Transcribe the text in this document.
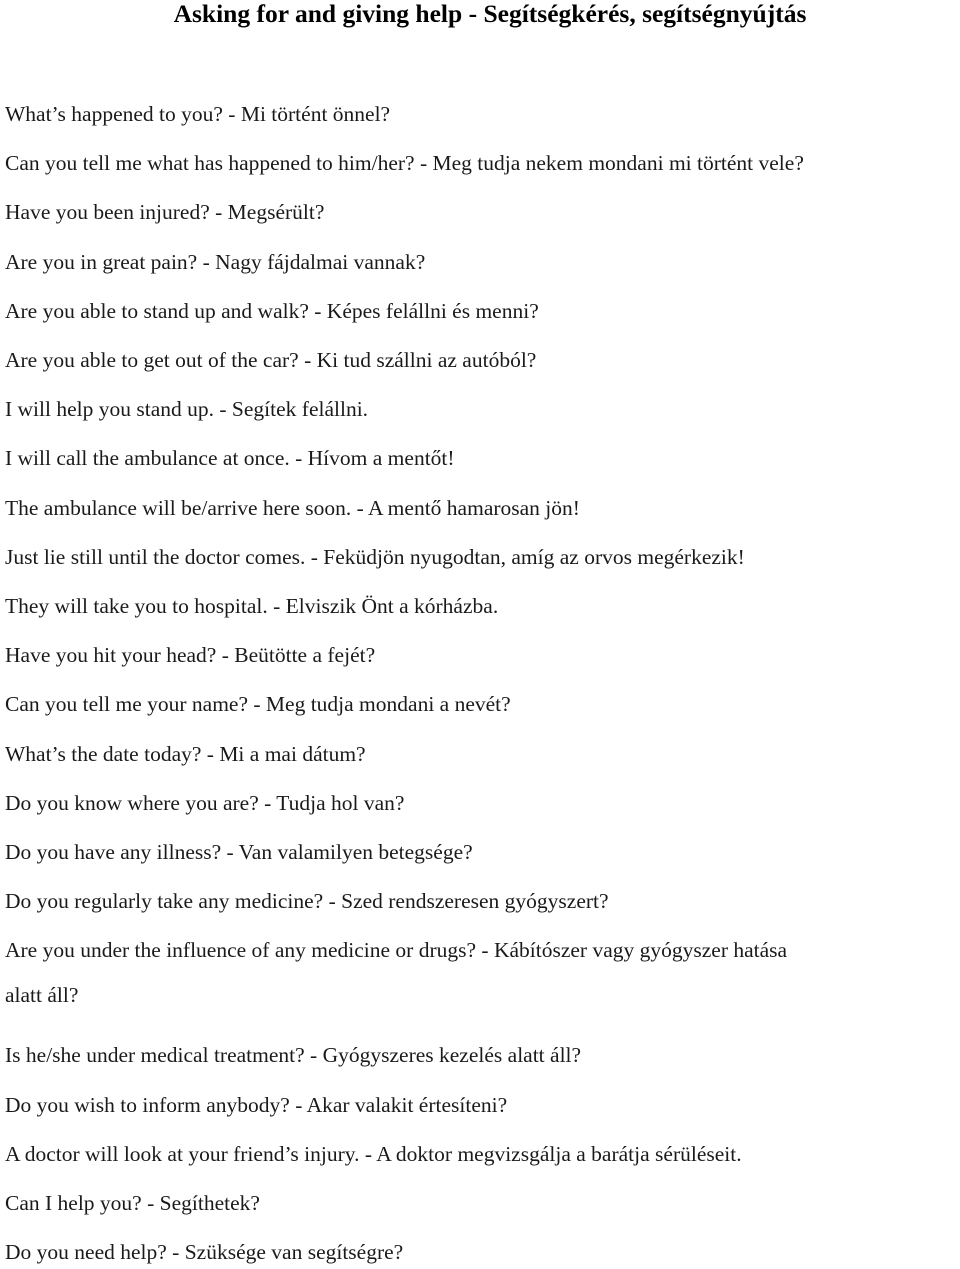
Asking for and giving help - Segítségkérés, segítségnyújtás

What’s happened to you? - Mi történt önnel?

Can you tell me what has happened to him/her? - Meg tudja nekem mondani mi történt vele?

Have you been injured? - Megsérült?

Are you in great pain? - Nagy fájdalmai vannak?

Are you able to stand up and walk? - Képes felállni és menni?

Are you able to get out of the car? - Ki tud szállni az autóból?

I will help you stand up. - Segítek felállni.

I will call the ambulance at once. - Hívom a mentőt!

The ambulance will be/arrive here soon. - A mentő hamarosan jön!

Just lie still until the doctor comes. - Feküdjön nyugodtan, amíg az orvos megérkezik!

They will take you to hospital. - Elviszik Önt a kórházba.

Have you hit your head? - Beütötte a fejét?

Can you tell me your name? - Meg tudja mondani a nevét?

What’s the date today? - Mi a mai dátum?

Do you know where you are? - Tudja hol van?

Do you have any illness? - Van valamilyen betegsége?

Do you regularly take any medicine? - Szed rendszeresen gyógyszert?

Are you under the influence of any medicine or drugs? - Kábítószer vagy gyógyszer hatása

alatt áll?

Is he/she under medical treatment? - Gyógyszeres kezelés alatt áll?

Do you wish to inform anybody? - Akar valakit értesíteni?

A doctor will look at your friend’s injury. - A doktor megvizsgálja a barátja sérüléseit.

Can I help you? - Segíthetek?

Do you need help? - Szüksége van segítségre?
